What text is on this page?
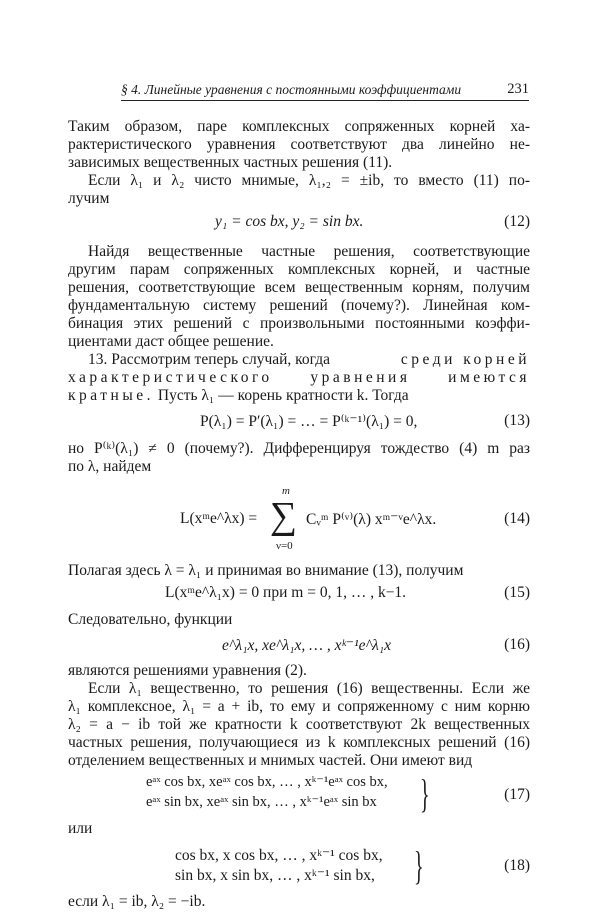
§ 4. Линейные уравнения с постоянными коэффициентами	231
Таким образом, паре комплексных сопряженных корней ха-
рактеристического уравнения соответствуют два линейно не-
зависимых вещественных частных решения (11).
Если λ₁ и λ₂ чисто мнимые, λ₁,₂ = ±ib, то вместо (11) по-
лучим
y₁ = cos bx, y₂ = sin bx.	(12)
Найдя вещественные частные решения, соответствующие
другим парам сопряженных комплексных корней, и частные
решения, соответствующие всем вещественным корням, получим
фундаментальную систему решений (почему?). Линейная ком-
бинация этих решений с произвольными постоянными коэффи-
циентами даст общее решение.
13. Рассмотрим теперь случай, когда	среди корней
характеристического уравнения имеются
кратные. Пусть λ₁ — корень кратности k. Тогда
P(λ₁) = P′(λ₁) = … = P⁽ᵏ⁻¹⁾(λ₁) = 0,	(13)
но P⁽ᵏ⁾(λ₁) ≠ 0 (почему?). Дифференцируя тождество (4) m раз
по λ, найдем
m
L(xᵐe^λx) = ∑
ν=0
Cᵥᵐ P⁽ᵛ⁾(λ) xᵐ⁻ᵛe^λx.	(14)
Полагая здесь λ = λ₁ и принимая во внимание (13), получим
L(xᵐe^λ₁x) = 0 при m = 0, 1, … , k−1.	(15)
Следовательно, функции
e^λ₁x, xe^λ₁x, … , xᵏ⁻¹e^λ₁x	(16)
являются решениями уравнения (2).
Если λ₁ вещественно, то решения (16) вещественны. Если же
λ₁ комплексное, λ₁ = a + ib, то ему и сопряженному с ним корню
λ₂ = a − ib той же кратности k соответствуют 2k вещественных
частных решения, получающиеся из k комплексных решений (16)
отделением вещественных и мнимых частей. Они имеют вид
eᵃˣ cos bx, xeᵃˣ cos bx, … , xᵏ⁻¹eᵃˣ cos bx,
eᵃˣ sin bx, xeᵃˣ sin bx, … , xᵏ⁻¹eᵃˣ sin bx }	(17)
или
cos bx, x cos bx, … , xᵏ⁻¹ cos bx,
sin bx, x sin bx, … , xᵏ⁻¹ sin bx, }	(18)
если λ₁ = ib, λ₂ = −ib.
